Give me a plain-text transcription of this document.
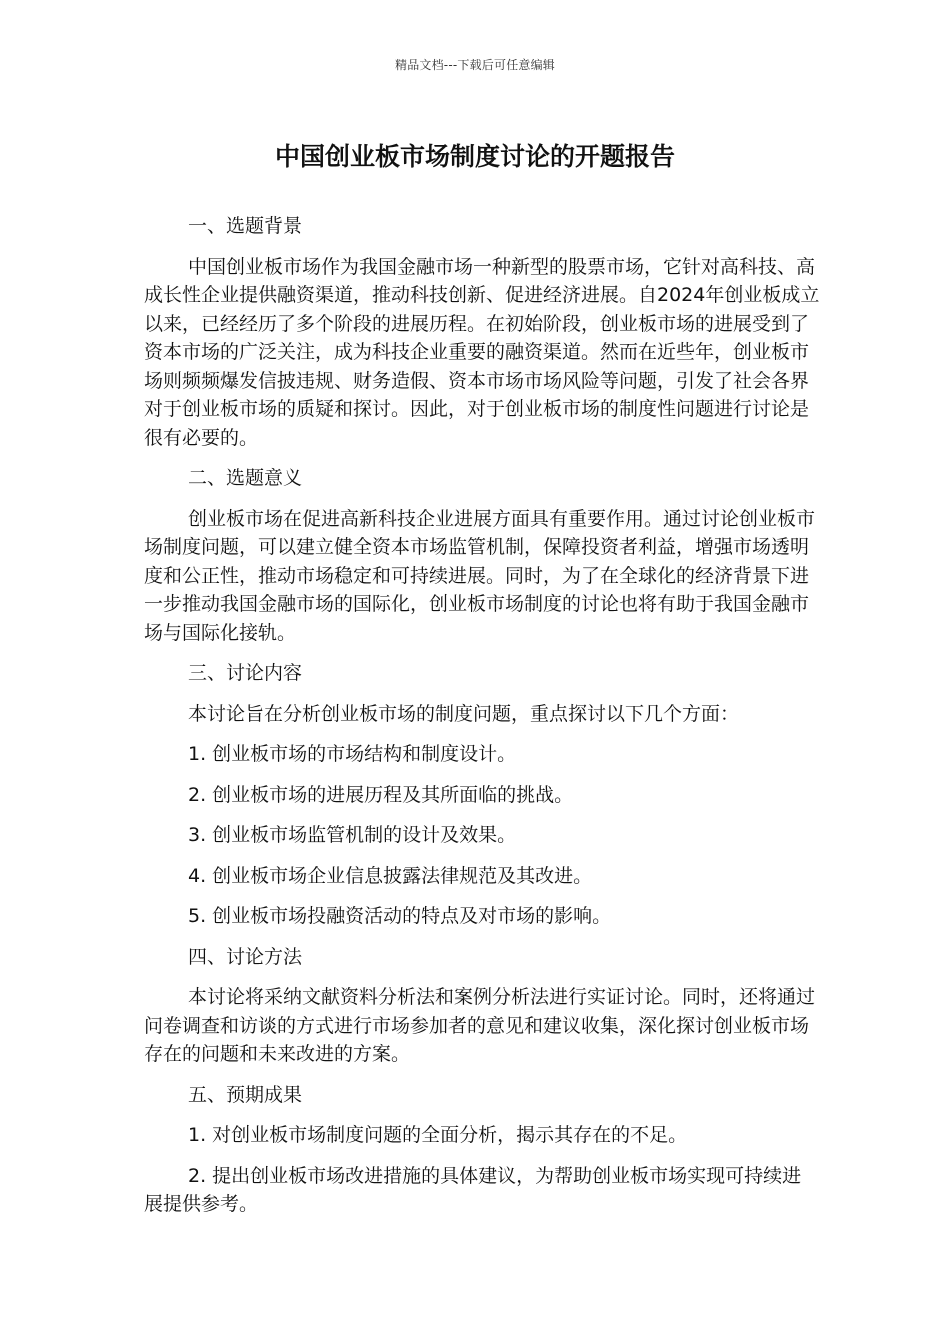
精品文档---下载后可任意编辑
中国创业板市场制度讨论的开题报告

一、选题背景

中国创业板市场作为我国金融市场一种新型的股票市场，它针对高科技、高成长性企业提供融资渠道，推动科技创新、促进经济进展。自2024年创业板成立以来，已经经历了多个阶段的进展历程。在初始阶段，创业板市场的进展受到了资本市场的广泛关注，成为科技企业重要的融资渠道。然而在近些年，创业板市场则频频爆发信披违规、财务造假、资本市场市场风险等问题，引发了社会各界对于创业板市场的质疑和探讨。因此，对于创业板市场的制度性问题进行讨论是很有必要的。

二、选题意义

创业板市场在促进高新科技企业进展方面具有重要作用。通过讨论创业板市场制度问题，可以建立健全资本市场监管机制，保障投资者利益，增强市场透明度和公正性，推动市场稳定和可持续进展。同时，为了在全球化的经济背景下进一步推动我国金融市场的国际化，创业板市场制度的讨论也将有助于我国金融市场与国际化接轨。

三、讨论内容

本讨论旨在分析创业板市场的制度问题，重点探讨以下几个方面：

1. 创业板市场的市场结构和制度设计。

2. 创业板市场的进展历程及其所面临的挑战。

3. 创业板市场监管机制的设计及效果。

4. 创业板市场企业信息披露法律规范及其改进。

5. 创业板市场投融资活动的特点及对市场的影响。

四、讨论方法

本讨论将采纳文献资料分析法和案例分析法进行实证讨论。同时，还将通过问卷调查和访谈的方式进行市场参加者的意见和建议收集，深化探讨创业板市场存在的问题和未来改进的方案。

五、预期成果

1. 对创业板市场制度问题的全面分析，揭示其存在的不足。

2. 提出创业板市场改进措施的具体建议，为帮助创业板市场实现可持续进展提供参考。
